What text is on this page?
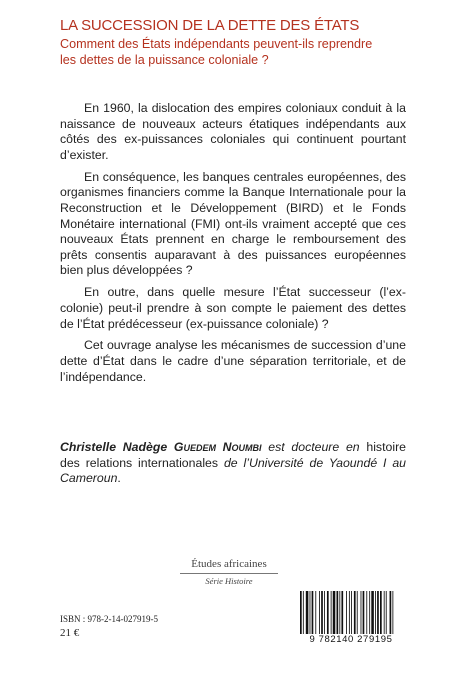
LA SUCCESSION DE LA DETTE DES ÉTATS

Comment des États indépendants peuvent-ils reprendre
les dettes de la puissance coloniale ?

En 1960, la dislocation des empires coloniaux conduit à la naissance de nouveaux acteurs étatiques indépendants aux côtés des ex-puissances coloniales qui continuent pourtant d’exister.

En conséquence, les banques centrales européennes, des organismes financiers comme la Banque Internationale pour la Reconstruction et le Développement (BIRD) et le Fonds Monétaire international (FMI) ont-ils vraiment accepté que ces nouveaux États prennent en charge le remboursement des prêts consentis auparavant à des puissances européennes bien plus développées ?

En outre, dans quelle mesure l’État successeur (l’ex-colonie) peut-il prendre à son compte le paiement des dettes de l’État prédécesseur (ex-puissance coloniale) ?

Cet ouvrage analyse les mécanismes de succession d’une dette d’État dans le cadre d’une séparation territoriale, et de l’indépendance.

Christelle Nadège Guedem Noumbi est docteure en histoire des relations internationales de l’Université de Yaoundé I au Cameroun.

Études africaines
Série Histoire
ISBN : 978-2-14-027919-5
21 €
9 782140 279195
